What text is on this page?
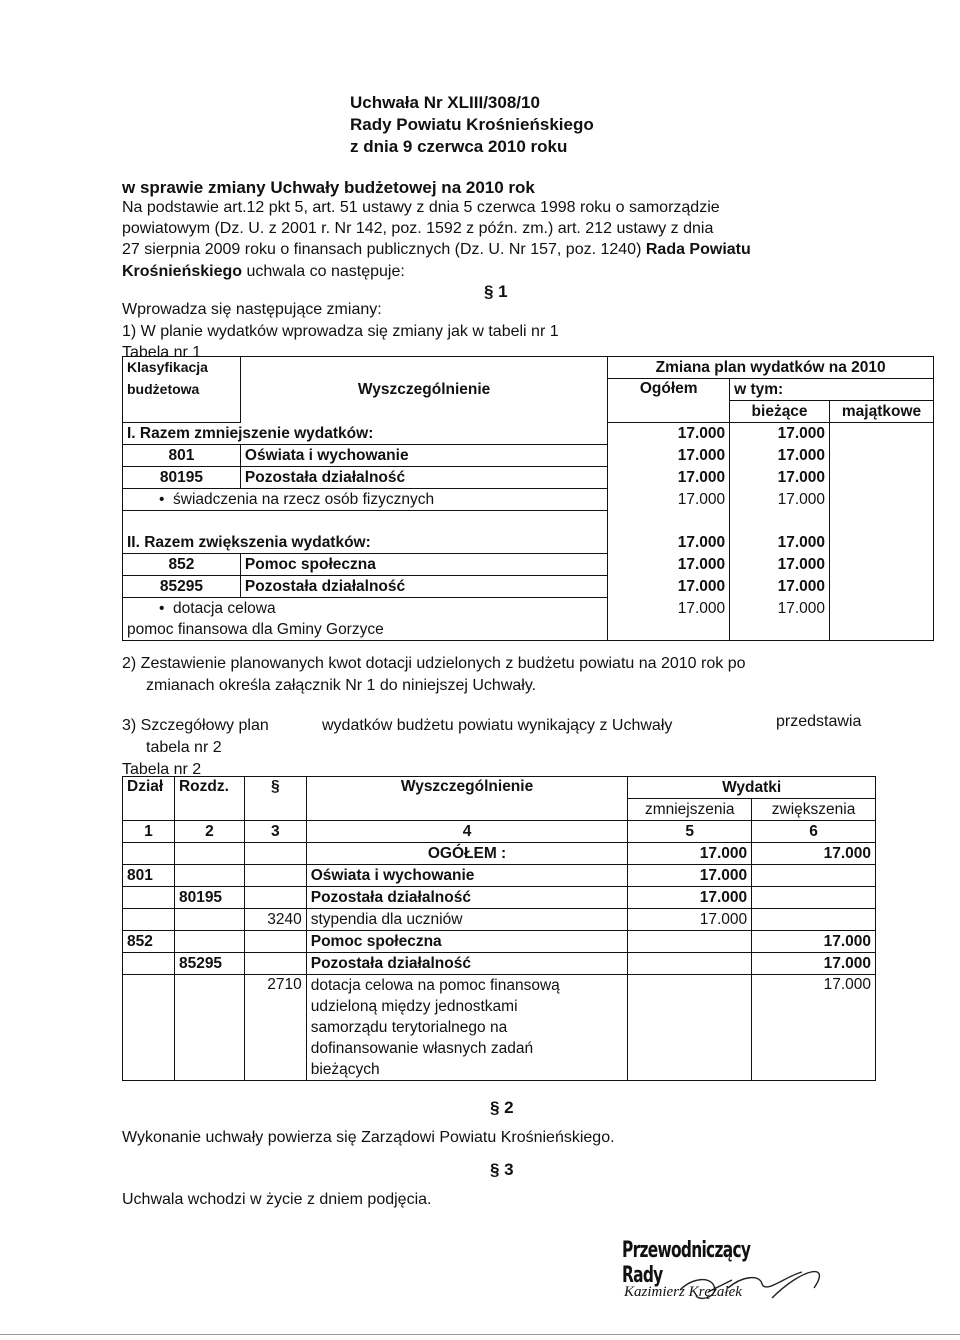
Uchwała Nr XLIII/308/10
Rady Powiatu Krośnieńskiego
z dnia 9 czerwca 2010 roku
w sprawie zmiany Uchwały budżetowej na 2010 rok
Na podstawie art.12 pkt 5, art. 51 ustawy z dnia 5 czerwca 1998 roku o samorządzie
powiatowym (Dz. U. z 2001 r. Nr 142, poz. 1592 z późn. zm.) art. 212 ustawy z dnia
27 sierpnia 2009 roku o finansach publicznych (Dz. U. Nr 157, poz. 1240) Rada Powiatu
Krośnieńskiego uchwala co następuje:
§ 1
Wprowadza się następujące zmiany:
1) W planie wydatków wprowadza się zmiany jak w tabeli nr 1
Tabela nr 1
Klasyfikacja	Wyszczególnienie	Zmiana plan wydatków na 2010		
budżetowa		Ogółem	w tym:	
			bieżące	majątkowe
I. Razem zmniejszenie wydatków:		17.000	17.000	
801	Oświata i wychowanie	17.000	17.000	
80195	Pozostała działalność	17.000	17.000	
•  świadczenia na rzecz osób fizycznych		17.000	17.000	

II. Razem zwiększenia wydatków:		17.000	17.000	
852	Pomoc społeczna	17.000	17.000	
85295	Pozostała działalność	17.000	17.000	
•  dotacja celowa		17.000	17.000	
pomoc finansowa dla Gminy Gorzyce				
2) Zestawienie planowanych kwot dotacji udzielonych z budżetu powiatu na 2010 rok po
zmianach określa załącznik Nr 1 do niniejszej Uchwały.
3) Szczegółowy plan	wydatków budżetu powiatu wynikający z Uchwały	przedstawia
tabela nr 2
Tabela nr 2
Dział	Rozdz.	§	Wyszczególnienie	Wydatki	
				zmniejszenia	zwiększenia
1	2	3	4	5	6
			OGÓŁEM :	17.000	17.000
801			Oświata i wychowanie	17.000	
	80195		Pozostała działalność	17.000	
		3240	stypendia dla uczniów	17.000	
852			Pomoc społeczna		17.000
	85295		Pozostała działalność		17.000
		2710	dotacja celowa na pomoc finansową
udzieloną między jednostkami
samorządu terytorialnego na
dofinansowanie własnych zadań
bieżących		17.000
§ 2
Wykonanie uchwały powierza się Zarządowi Powiatu Krośnieńskiego.
§ 3
Uchwala wchodzi w życie z dniem podjęcia.
Przewodniczący Rady
Kazimierz Krężałek
